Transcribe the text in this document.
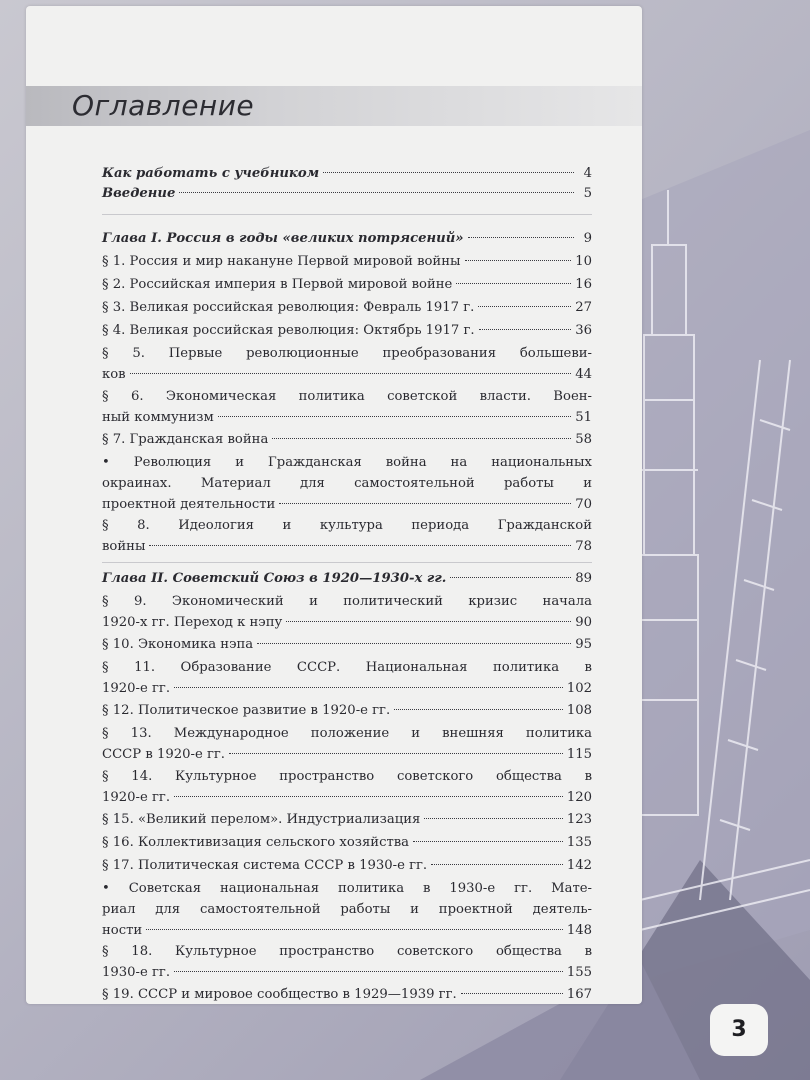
Оглавление
Как работать с учебником	4
Введение	5
Глава I. Россия в годы «великих потрясений»	9
§ 1. Россия и мир накануне Первой мировой войны	10
§ 2. Российская империя в Первой мировой войне	16
§ 3. Великая российская революция: Февраль 1917 г.	27
§ 4. Великая российская революция: Октябрь 1917 г.	36
§ 5. Первые революционные преобразования большеви-
ков	44
§ 6. Экономическая политика советской власти. Воен-
ный коммунизм	51
§ 7. Гражданская война	58
• Революция и Гражданская война на национальных
окраинах. Материал для самостоятельной работы и
проектной деятельности	70
§ 8. Идеология и культура периода Гражданской
войны	78
Глава II. Советский Союз в 1920—1930-х гг.	89
§ 9. Экономический и политический кризис начала
1920-х гг. Переход к нэпу	90
§ 10. Экономика нэпа	95
§ 11. Образование СССР. Национальная политика в
1920-е гг.	102
§ 12. Политическое развитие в 1920-е гг.	108
§ 13. Международное положение и внешняя политика
СССР в 1920-е гг.	115
§ 14. Культурное пространство советского общества в
1920-е гг.	120
§ 15. «Великий перелом». Индустриализация	123
§ 16. Коллективизация сельского хозяйства	135
§ 17. Политическая система СССР в 1930-е гг.	142
• Советская национальная политика в 1930-е гг. Мате-
риал для самостоятельной работы и проектной деятель-
ности	148
§ 18. Культурное пространство советского общества в
1930-е гг.	155
§ 19. СССР и мировое сообщество в 1929—1939 гг.	167
3
